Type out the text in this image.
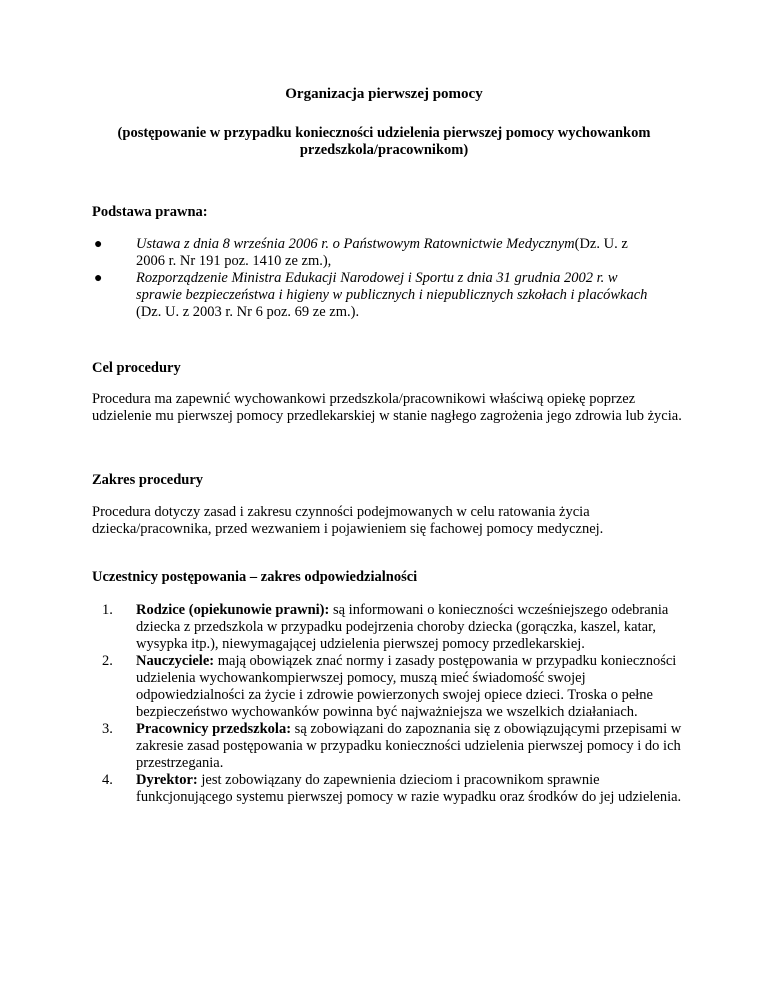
Organizacja pierwszej pomocy

(postępowanie w przypadku konieczności udzielenia pierwszej pomocy wychowankom przedszkola/pracownikom)

Podstawa prawna:
● Ustawa z dnia 8 września 2006 r. o Państwowym Ratownictwie Medycznym(Dz. U. z 2006 r. Nr 191 poz. 1410 ze zm.),
● Rozporządzenie Ministra Edukacji Narodowej i Sportu z dnia 31 grudnia 2002 r. w sprawie bezpieczeństwa i higieny w publicznych i niepublicznych szkołach i placówkach (Dz. U. z 2003 r. Nr 6 poz. 69 ze zm.).
Cel procedury

Procedura ma zapewnić wychowankowi przedszkola/pracownikowi właściwą opiekę poprzez udzielenie mu pierwszej pomocy przedlekarskiej w stanie nagłego zagrożenia jego zdrowia lub życia.

Zakres procedury

Procedura dotyczy zasad i zakresu czynności podejmowanych w celu ratowania życia dziecka/pracownika, przed wezwaniem i pojawieniem się fachowej pomocy medycznej.

Uczestnicy postępowania – zakres odpowiedzialności
1. Rodzice (opiekunowie prawni): są informowani o konieczności wcześniejszego odebrania dziecka z przedszkola w przypadku podejrzenia choroby dziecka (gorączka, kaszel, katar, wysypka itp.), niewymagającej udzielenia pierwszej pomocy przedlekarskiej.
2. Nauczyciele: mają obowiązek znać normy i zasady postępowania w przypadku konieczności udzielenia wychowankompierwszej pomocy, muszą mieć świadomość swojej odpowiedzialności za życie i zdrowie powierzonych swojej opiece dzieci. Troska o pełne bezpieczeństwo wychowanków powinna być najważniejsza we wszelkich działaniach.
3. Pracownicy przedszkola: są zobowiązani do zapoznania się z obowiązującymi przepisami w zakresie zasad postępowania w przypadku konieczności udzielenia pierwszej pomocy i do ich przestrzegania.
4. Dyrektor: jest zobowiązany do zapewnienia dzieciom i pracownikom sprawnie funkcjonującego systemu pierwszej pomocy w razie wypadku oraz środków do jej udzielenia.
